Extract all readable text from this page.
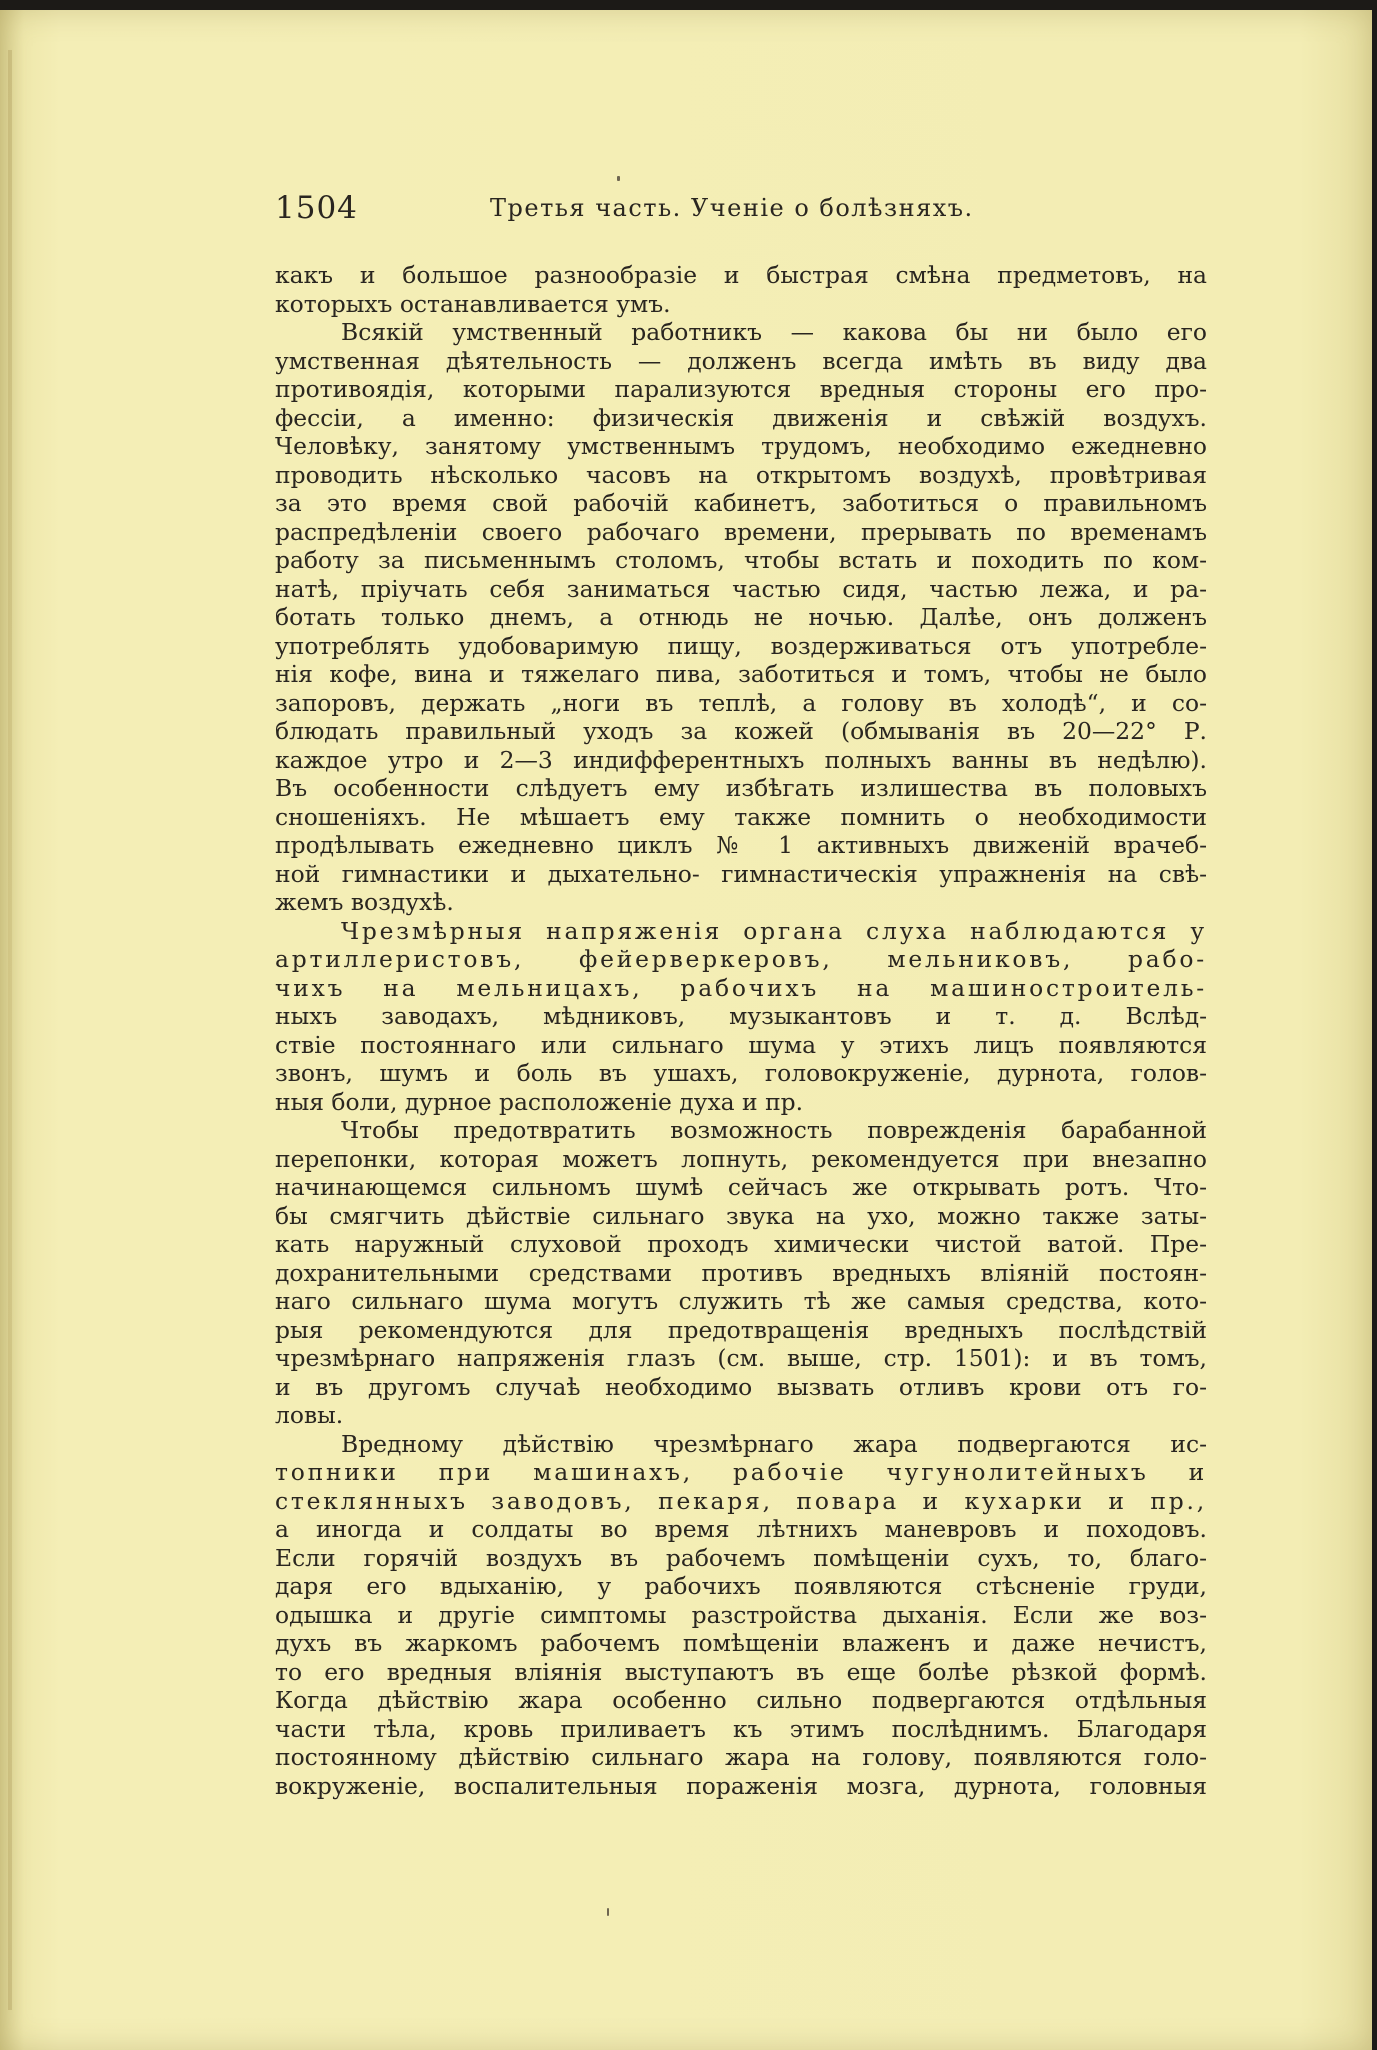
1504	Третья часть. Ученіе о болѣзняхъ.
какъ и большое разнообразіе и быстрая смѣна предметовъ, на
которыхъ останавливается умъ.
Всякій умственный работникъ — какова бы ни было его
умственная дѣятельность — долженъ всегда имѣть въ виду два
противоядія, которыми парализуются вредныя стороны его про-
фессіи, а именно: физическія движенія и свѣжій воздухъ.
Человѣку, занятому умственнымъ трудомъ, необходимо ежедневно
проводить нѣсколько часовъ на открытомъ воздухѣ, провѣтривая
за это время свой рабочій кабинетъ, заботиться о правильномъ
распредѣленіи своего рабочаго времени, прерывать по временамъ
работу за письменнымъ столомъ, чтобы встать и походить по ком-
натѣ, пріучать себя заниматься частью сидя, частью лежа, и ра-
ботать только днемъ, а отнюдь не ночью. Далѣе, онъ долженъ
употреблять удобоваримую пищу, воздерживаться отъ употребле-
нія кофе, вина и тяжелаго пива, заботиться и томъ, чтобы не было
запоровъ, держать „ноги въ теплѣ, а голову въ холодѣ“, и со-
блюдать правильный уходъ за кожей (обмыванія въ 20—22° Р.
каждое утро и 2—3 индифферентныхъ полныхъ ванны въ недѣлю).
Въ особенности слѣдуетъ ему избѣгать излишества въ половыхъ
сношеніяхъ. Не мѣшаетъ ему также помнить о необходимости
продѣлывать ежедневно циклъ № 1 активныхъ движеній врачеб-
ной гимнастики и дыхательно- гимнастическія упражненія на свѣ-
жемъ воздухѣ.
Чрезмѣрныя напряженія органа слуха наблюдаются у
артиллеристовъ, фейерверкеровъ, мельниковъ, рабо-
чихъ на мельницахъ, рабочихъ на машиностроитель-
ныхъ заводахъ, мѣдниковъ, музыкантовъ и т. д. Вслѣд-
ствіе постояннаго или сильнаго шума у этихъ лицъ появляются
звонъ, шумъ и боль въ ушахъ, головокруженіе, дурнота, голов-
ныя боли, дурное расположеніе духа и пр.
Чтобы предотвратить возможность поврежденія барабанной
перепонки, которая можетъ лопнуть, рекомендуется при внезапно
начинающемся сильномъ шумѣ сейчасъ же открывать ротъ. Что-
бы смягчить дѣйствіе сильнаго звука на ухо, можно также заты-
кать наружный слуховой проходъ химически чистой ватой. Пре-
дохранительными средствами противъ вредныхъ вліяній постоян-
наго сильнаго шума могутъ служить тѣ же самыя средства, кото-
рыя рекомендуются для предотвращенія вредныхъ послѣдствій
чрезмѣрнаго напряженія глазъ (см. выше, стр. 1501): и въ томъ,
и въ другомъ случаѣ необходимо вызвать отливъ крови отъ го-
ловы.
Вредному дѣйствію чрезмѣрнаго жара подвергаются ис-
топники при машинахъ, рабочіе чугунолитейныхъ и
стеклянныхъ заводовъ, пекаря, повара и кухарки и пр.,
а иногда и солдаты во время лѣтнихъ маневровъ и походовъ.
Если горячій воздухъ въ рабочемъ помѣщеніи сухъ, то, благо-
даря его вдыханію, у рабочихъ появляются стѣсненіе груди,
одышка и другіе симптомы разстройства дыханія. Если же воз-
духъ въ жаркомъ рабочемъ помѣщеніи влаженъ и даже нечистъ,
то его вредныя вліянія выступаютъ въ еще болѣе рѣзкой формѣ.
Когда дѣйствію жара особенно сильно подвергаются отдѣльныя
части тѣла, кровь приливаетъ къ этимъ послѣднимъ. Благодаря
постоянному дѣйствію сильнаго жара на голову, появляются голо-
вокруженіе, воспалительныя пораженія мозга, дурнота, головныя
